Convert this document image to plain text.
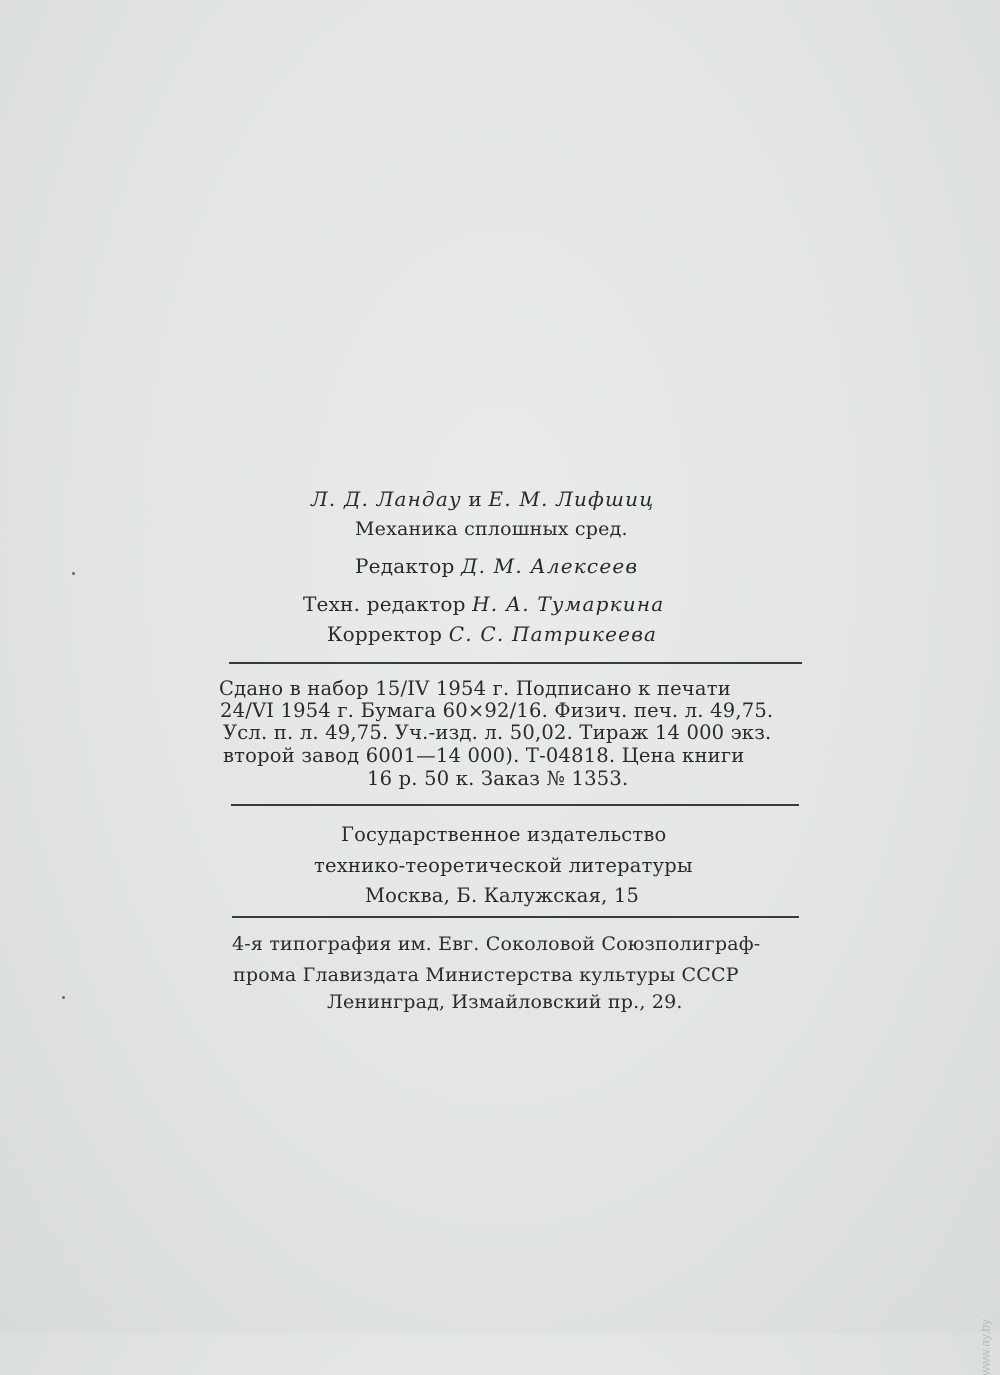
Л. Д. Ландау и Е. М. Лифшиц
Механика сплошных сред.
Редактор Д. М. Алексеев
Техн. редактор Н. А. Тумаркина
Корректор С. С. Патрикеева
Сдано в набор 15/IV 1954 г. Подписано к печати
24/VI 1954 г. Бумага 60×92/16. Физич. печ. л. 49,75.
Усл. п. л. 49,75. Уч.-изд. л. 50,02. Тираж 14 000 экз.
второй завод 6001—14 000). Т-04818. Цена книги
16 р. 50 к. Заказ № 1353.
Государственное издательство
технико-теоретической литературы
Москва, Б. Калужская, 15
4-я типография им. Евг. Соколовой Союзполиграф-
прома Главиздата Министерства культуры СССР
Ленинград, Измайловский пр., 29.
www.ay.by
